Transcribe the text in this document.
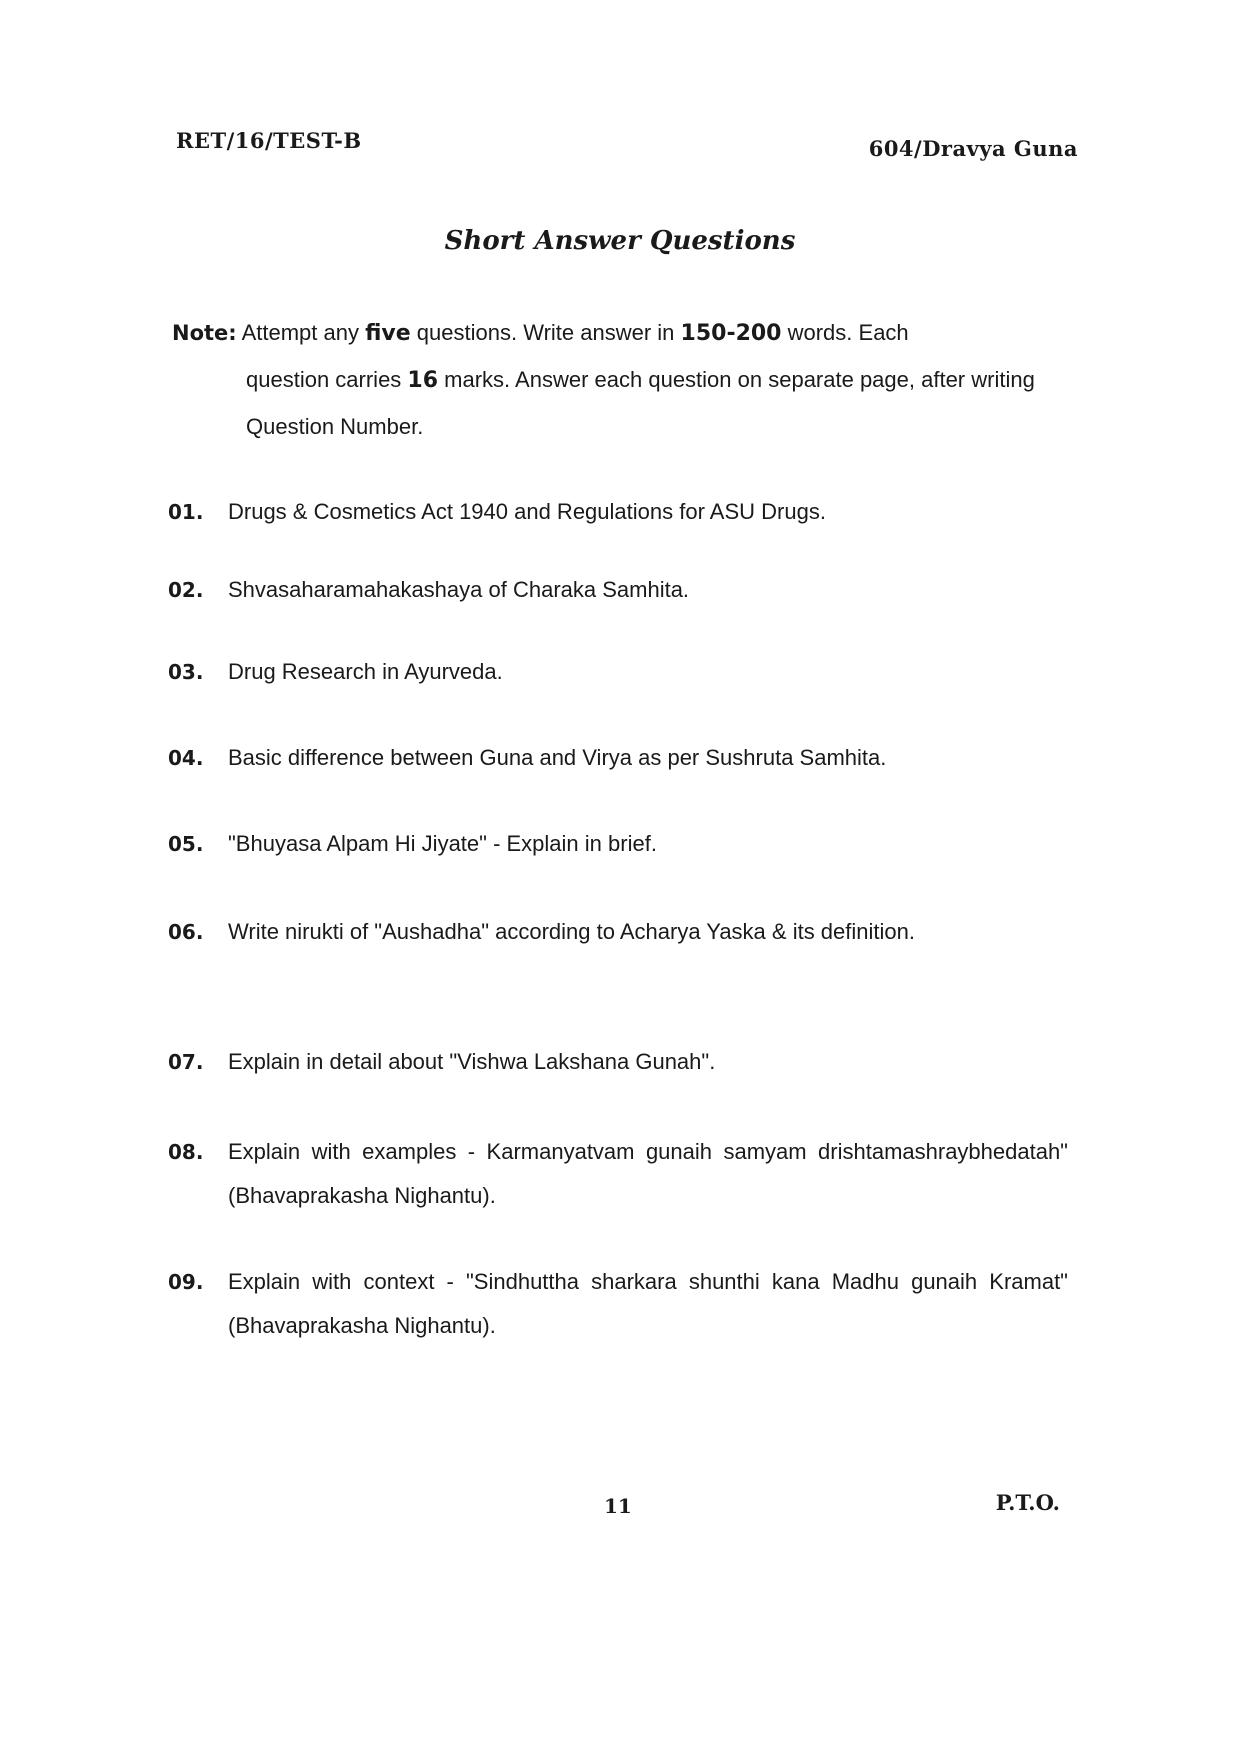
RET/16/TEST-B	604/Dravya Guna
Short Answer Questions
Note: Attempt any five questions. Write answer in 150-200 words. Each
question carries 16 marks. Answer each question on separate page, after writing Question Number.
01.	Drugs & Cosmetics Act 1940 and Regulations for ASU Drugs.
02.	Shvasaharamahakashaya of Charaka Samhita.
03.	Drug Research in Ayurveda.
04.	Basic difference between Guna and Virya as per Sushruta Samhita.
05.	"Bhuyasa Alpam Hi Jiyate" - Explain in brief.
06.	Write nirukti of "Aushadha" according to Acharya Yaska & its definition.
07.	Explain in detail about "Vishwa Lakshana Gunah".
08.	Explain with examples - Karmanyatvam gunaih samyam drishtamashraybhedatah" (Bhavaprakasha Nighantu).
09.	Explain with context - "Sindhuttha sharkara shunthi kana Madhu gunaih Kramat" (Bhavaprakasha Nighantu).
11	P.T.O.
